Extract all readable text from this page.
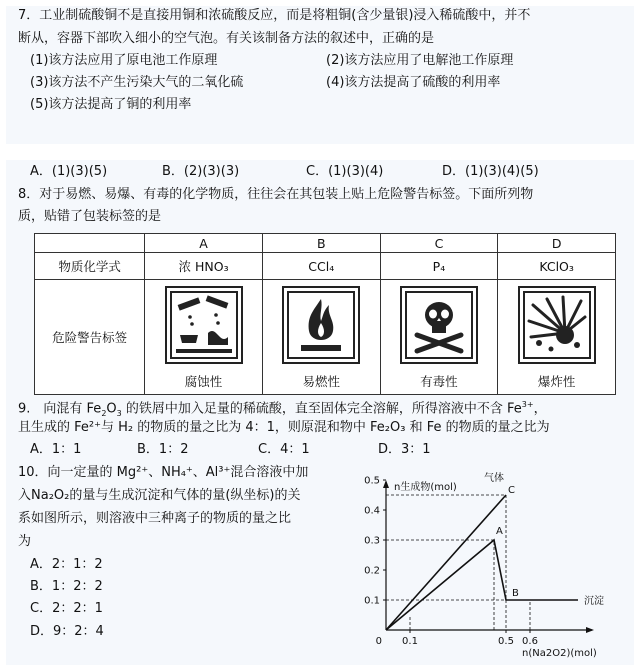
7．工业制硫酸铜不是直接用铜和浓硫酸反应，而是将粗铜(含少量银)浸入稀硫酸中，并不
断从，容器下部吹入细小的空气泡。有关该制备方法的叙述中，正确的是
(1)该方法应用了原电池工作原理	(2)该方法应用了电解池工作原理
(3)该方法不产生污染大气的二氧化硫	(4)该方法提高了硫酸的利用率
(5)该方法提高了铜的利用率
A．(1)(3)(5)	B．(2)(3)(3)	C．(1)(3)(4)	D．(1)(3)(4)(5)
8．对于易燃、易爆、有毒的化学物质，往往会在其包装上贴上危险警告标签。下面所列物
质，贴错了包装标签的是
	A	B	C	D
物质化学式	浓 HNO₃	CCl₄	P₄	KClO₃
危险警告标签	腐蚀性	易燃性	有毒性	爆炸性
9.　向混有 $Fe_2O_3$ 的铁屑中加入足量的稀硫酸，直至固体完全溶解，所得溶液中不含 $Fe^{3+}$，
且生成的 Fe²⁺与 H₂ 的物质的量之比为 4：1，则原混和物中 Fe₂O₃ 和 Fe 的物质的量之比为
A．1：1	B．1：2	C．4：1	D．3：1
10．向一定量的 Mg²⁺、NH₄⁺、Al³⁺混合溶液中加
入Na₂O₂的量与生成沉淀和气体的量(纵坐标)的关
系如图所示，则溶液中三种离子的物质的量之比
为
A．2：1：2
B．1：2：2
C．2：2：1
D．9：2：4
0.5
0.4
0.3
0.2
0.1
0.1	0.5 0.6
0
n生成物(mol)
n(Na2O2)(mol)
C
A
B
气体
沉淀
